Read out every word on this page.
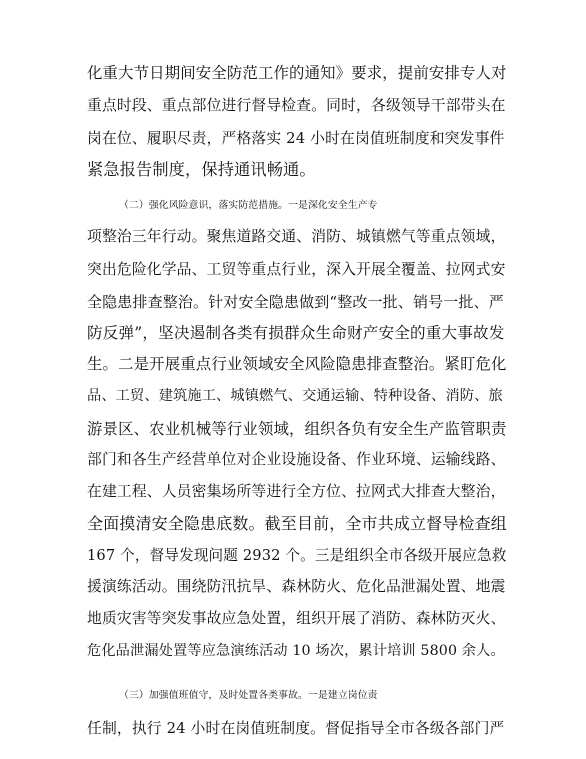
化重大节日期间安全防范工作的通知》要求，提前安排专人对
重点时段、重点部位进行督导检查。同时，各级领导干部带头在
岗在位、履职尽责，严格落实 24 小时在岗值班制度和突发事件
紧急报告制度，保持通讯畅通。
（二）强化风险意识，落实防范措施。一是深化安全生产专
项整治三年行动。聚焦道路交通、消防、城镇燃气等重点领域，
突出危险化学品、工贸等重点行业，深入开展全覆盖、拉网式安
全隐患排查整治。针对安全隐患做到“整改一批、销号一批、严
防反弹”，坚决遏制各类有损群众生命财产安全的重大事故发
生。二是开展重点行业领域安全风险隐患排查整治。紧盯危化
品、工贸、建筑施工、城镇燃气、交通运输、特种设备、消防、旅
游景区、农业机械等行业领域，组织各负有安全生产监管职责
部门和各生产经营单位对企业设施设备、作业环境、运输线路、
在建工程、人员密集场所等进行全方位、拉网式大排查大整治，
全面摸清安全隐患底数。截至目前，全市共成立督导检查组
167 个，督导发现问题 2932 个。三是组织全市各级开展应急救
援演练活动。围绕防汛抗旱、森林防火、危化品泄漏处置、地震
地质灾害等突发事故应急处置，组织开展了消防、森林防灭火、
危化品泄漏处置等应急演练活动 10 场次，累计培训 5800 余人。
（三）加强值班值守，及时处置各类事故。一是建立岗位责
任制，执行 24 小时在岗值班制度。督促指导全市各级各部门严
